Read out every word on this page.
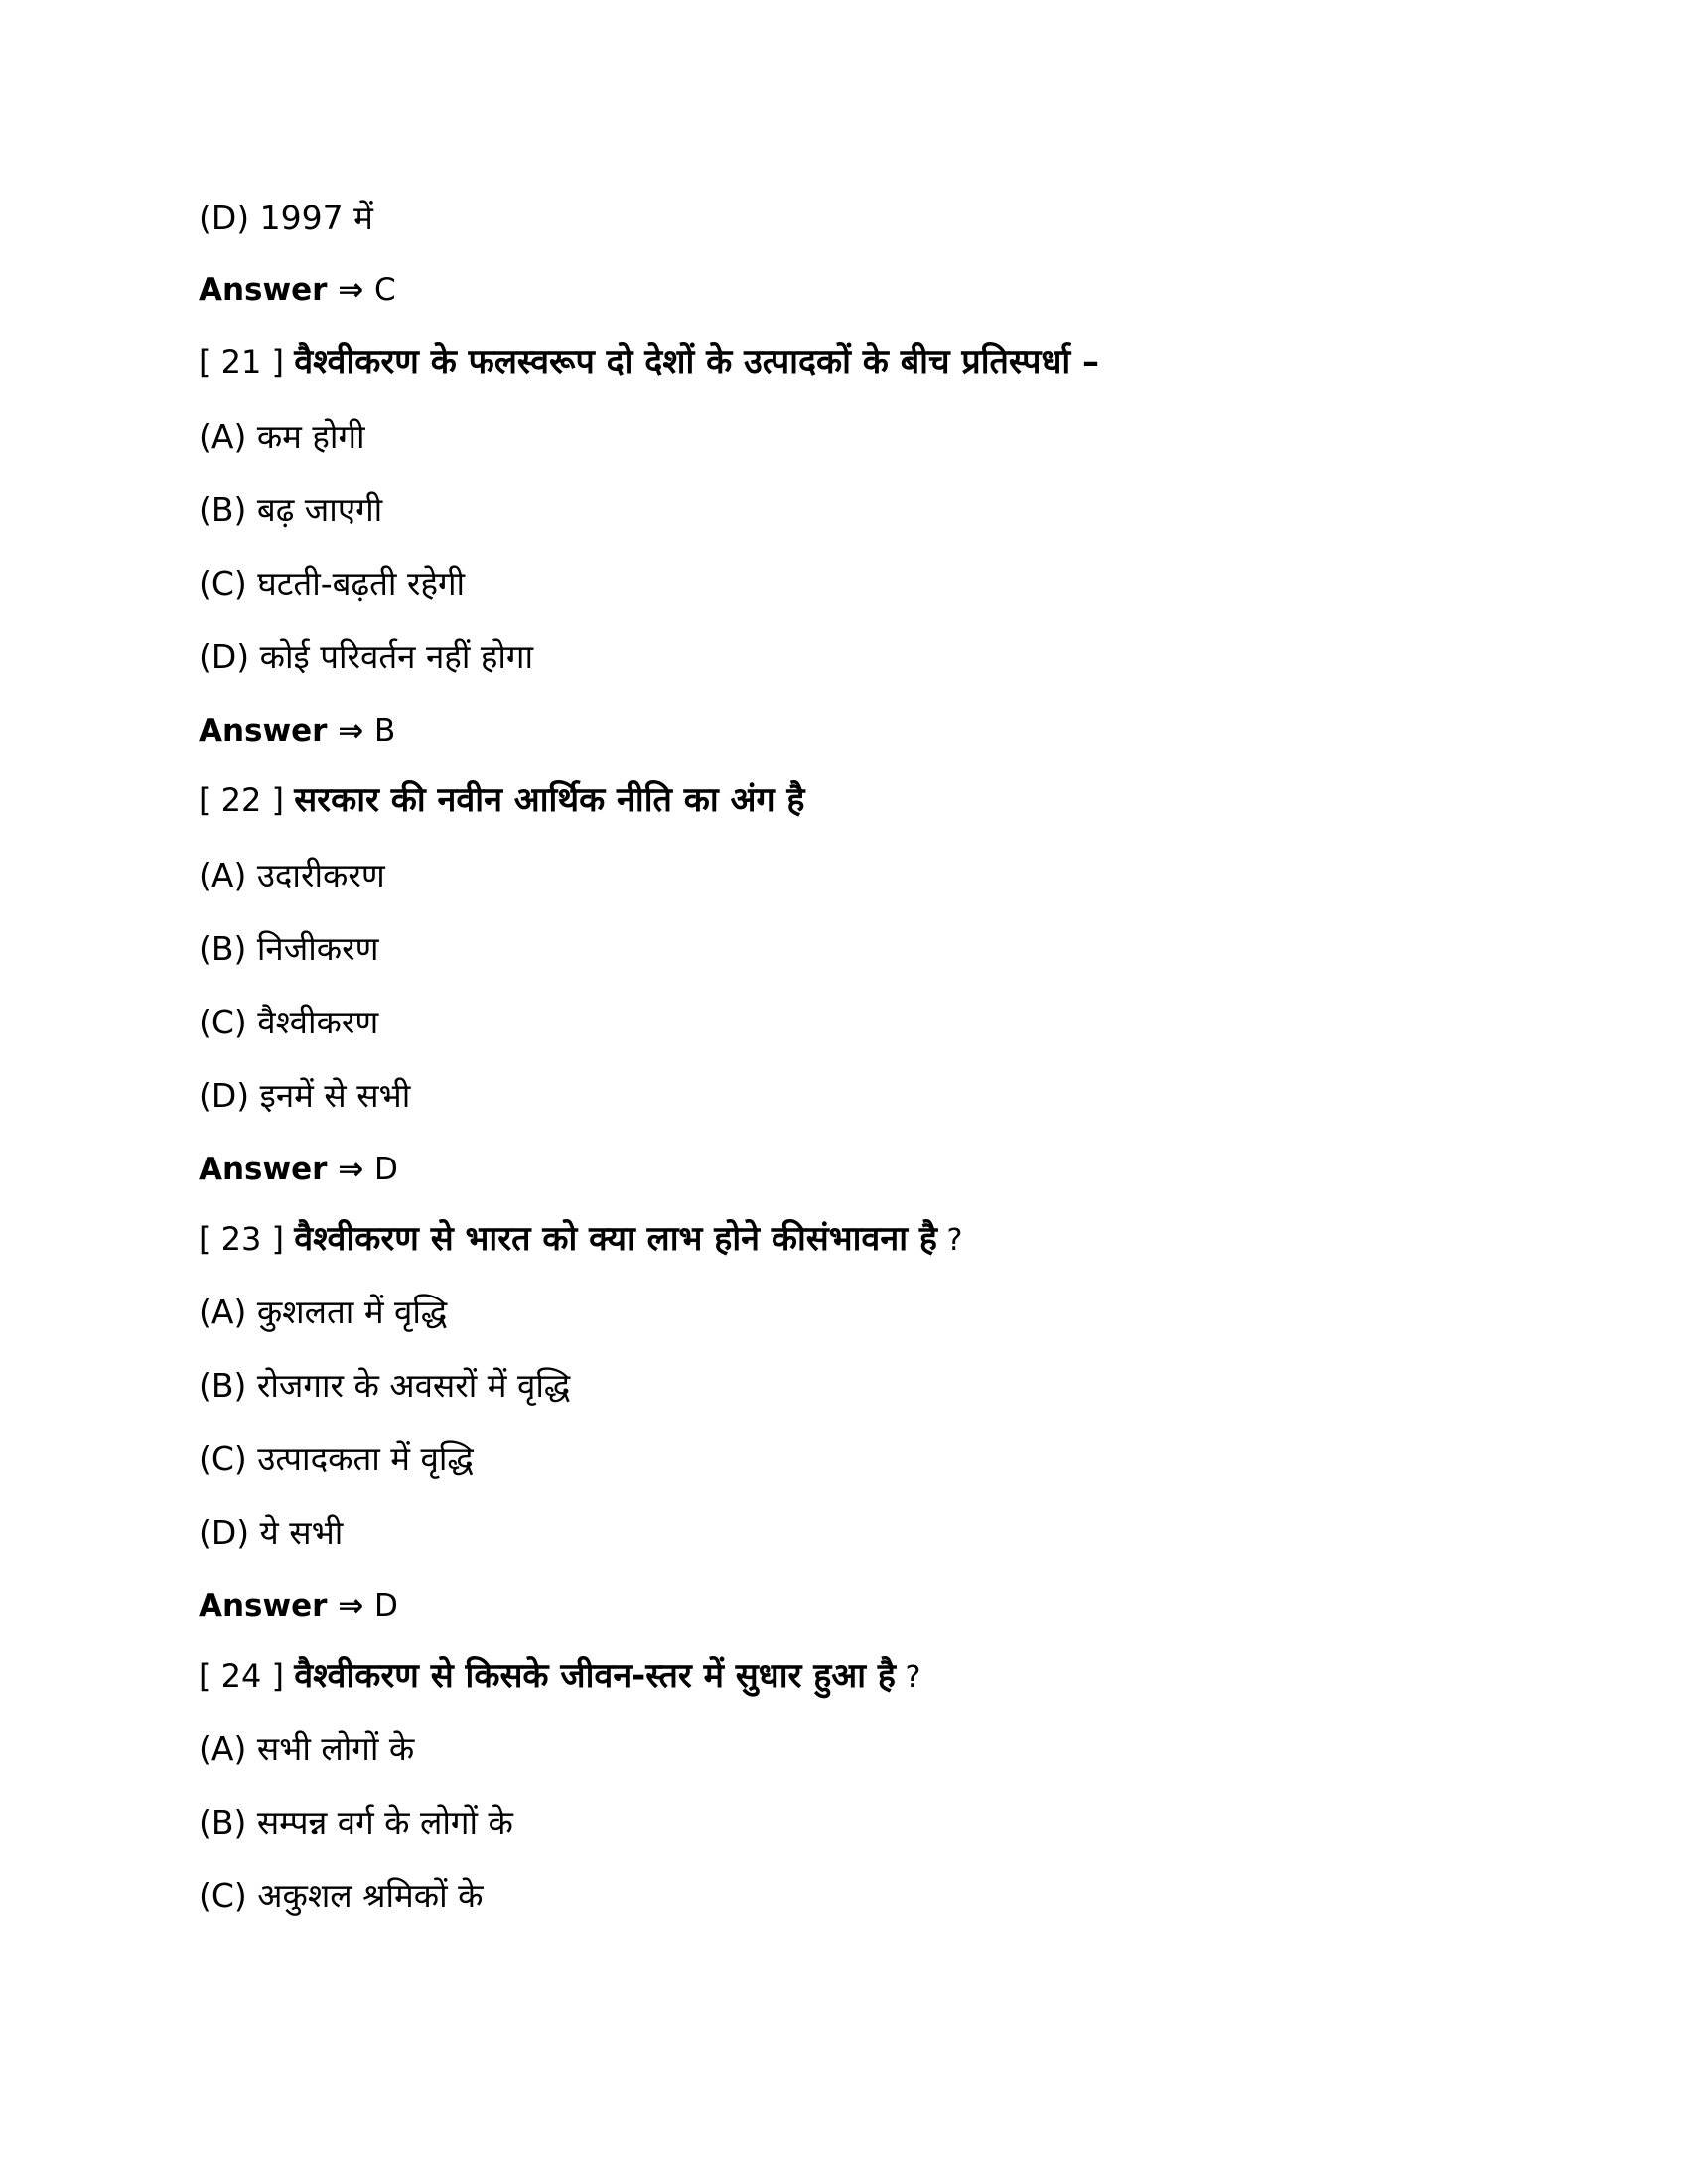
(D) 1997 में
Answer ⇒ C
[ 21 ] वैश्वीकरण के फलस्वरूप दो देशों के उत्पादकों के बीच प्रतिस्पर्धा –
(A) कम होगी
(B) बढ़ जाएगी
(C) घटती-बढ़ती रहेगी
(D) कोई परिवर्तन नहीं होगा
Answer ⇒ B
[ 22 ] सरकार की नवीन आर्थिक नीति का अंग है
(A) उदारीकरण
(B) निजीकरण
(C) वैश्वीकरण
(D) इनमें से सभी
Answer ⇒ D
[ 23 ] वैश्वीकरण से भारत को क्या लाभ होने कीसंभावना है ?
(A) कुशलता में वृद्धि
(B) रोजगार के अवसरों में वृद्धि
(C) उत्पादकता में वृद्धि
(D) ये सभी
Answer ⇒ D
[ 24 ] वैश्वीकरण से किसके जीवन-स्तर में सुधार हुआ है ?
(A) सभी लोगों के
(B) सम्पन्न वर्ग के लोगों के
(C) अकुशल श्रमिकों के
